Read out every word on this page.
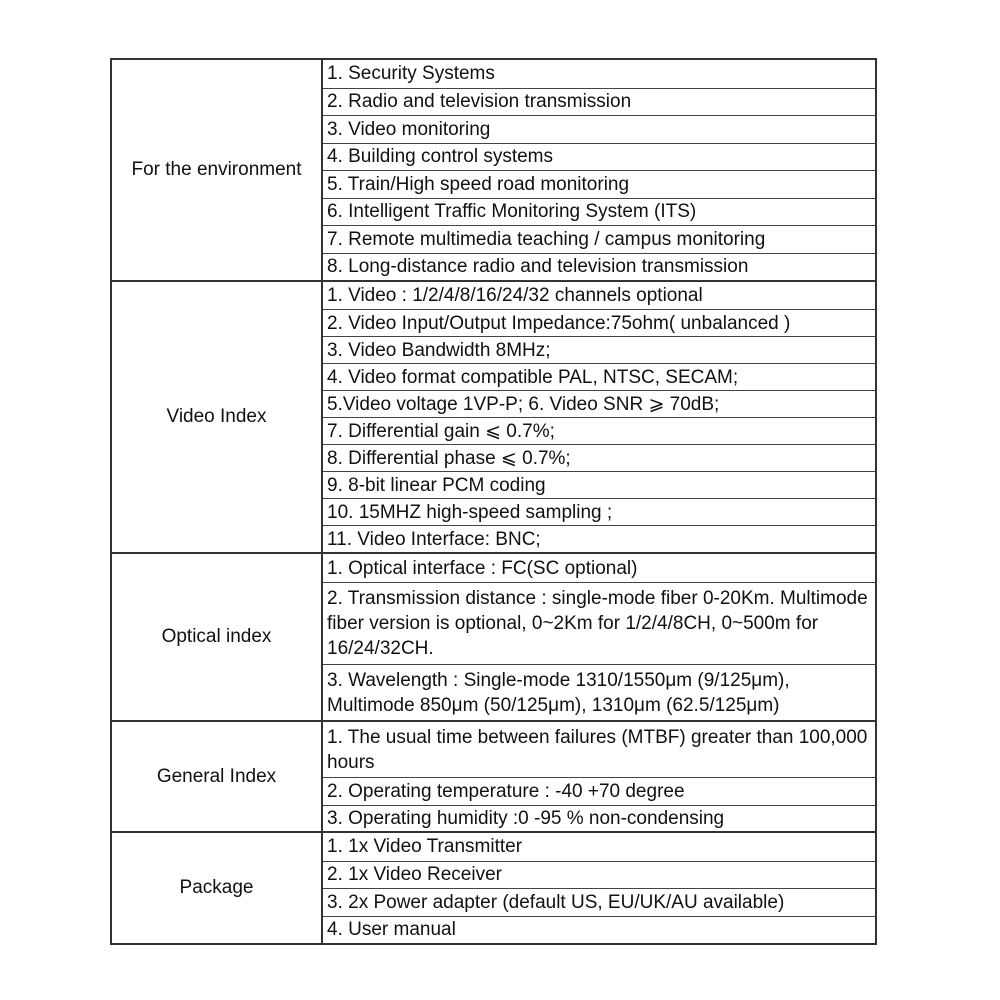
For the environment
1. Security Systems
2. Radio and television transmission
3. Video monitoring
4. Building control systems
5. Train/High speed road monitoring
6. Intelligent Traffic Monitoring System (ITS)
7. Remote multimedia teaching / campus monitoring
8. Long-distance radio and television transmission
Video Index
1. Video : 1/2/4/8/16/24/32 channels optional
2. Video Input/Output Impedance:75ohm( unbalanced )
3. Video Bandwidth 8MHz;
4. Video format compatible PAL, NTSC, SECAM;
5.Video voltage 1VP-P; 6. Video SNR ⩾ 70dB;
7. Differential gain ⩽ 0.7%;
8. Differential phase ⩽ 0.7%;
9. 8-bit linear PCM coding
10. 15MHZ high-speed sampling ;
11. Video Interface: BNC;
Optical index
1. Optical interface : FC(SC optional)
2. Transmission distance : single-mode fiber 0-20Km. Multimode fiber version is optional, 0~2Km for 1/2/4/8CH, 0~500m for 16/24/32CH.
3. Wavelength : Single-mode 1310/1550μm (9/125μm), Multimode 850μm (50/125μm), 1310μm (62.5/125μm)
General Index
1. The usual time between failures (MTBF) greater than 100,000 hours
2. Operating temperature : -40 +70 degree
3. Operating humidity :0 -95 % non-condensing
Package
1. 1x Video Transmitter
2. 1x Video Receiver
3. 2x Power adapter (default US, EU/UK/AU available)
4. User manual
